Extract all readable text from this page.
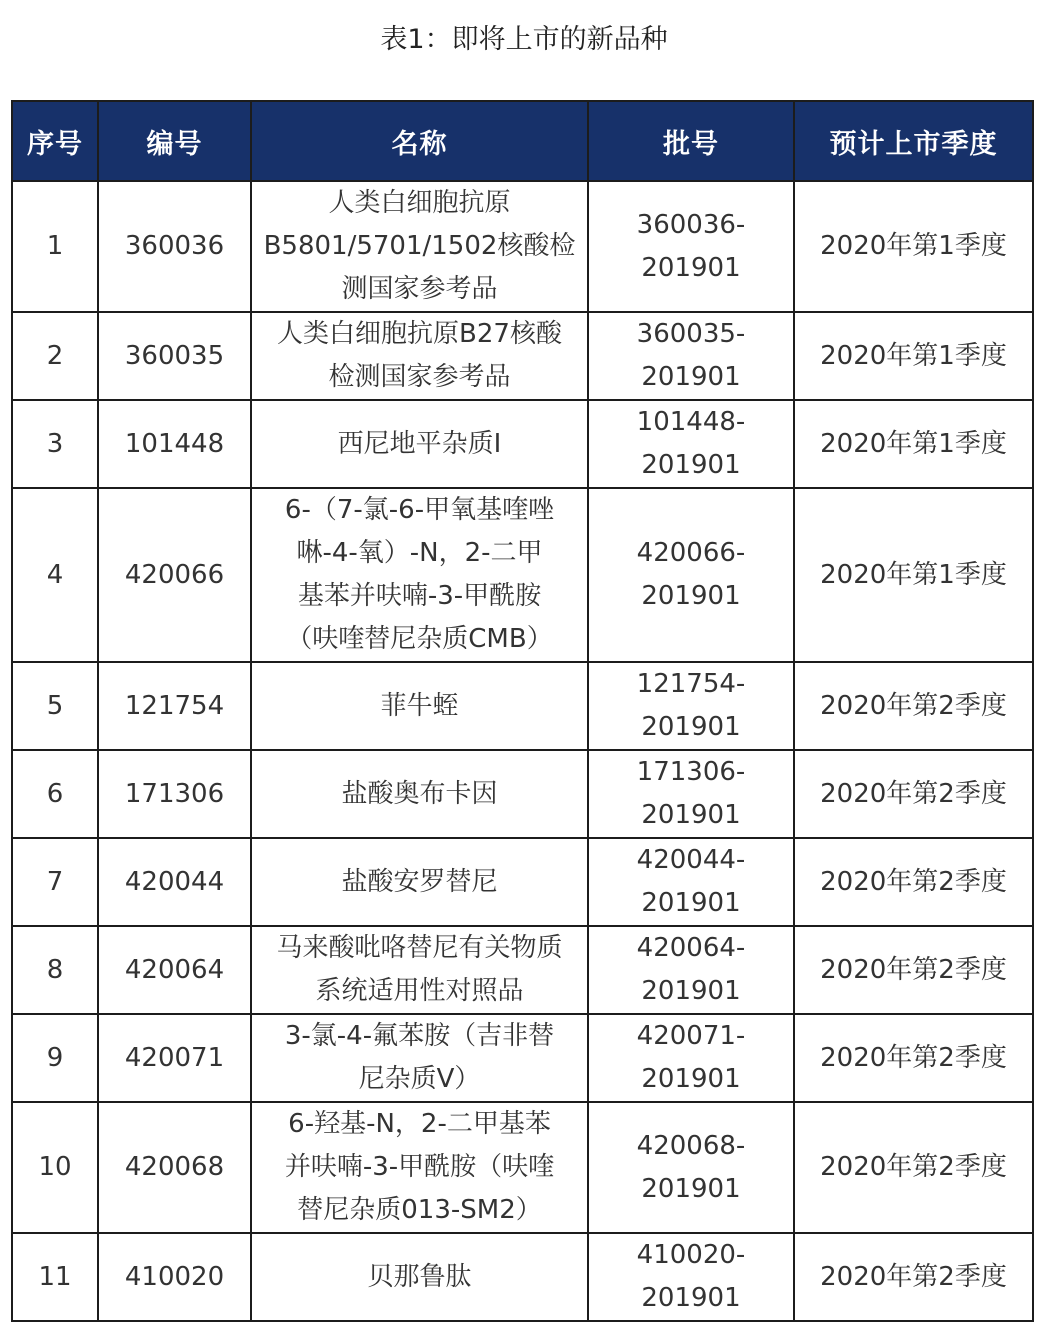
表1：即将上市的新品种
序号	编号	名称	批号	预计上市季度
1	360036	人类白细胞抗原
B5801/5701/1502核酸检
测国家参考品	360036-
201901	2020年第1季度
2	360035	人类白细胞抗原B27核酸
检测国家参考品	360035-
201901	2020年第1季度
3	101448	西尼地平杂质I	101448-
201901	2020年第1季度
4	420066	6-（7-氯-6-甲氧基喹唑
啉-4-氧）-N，2-二甲
基苯并呋喃-3-甲酰胺
（呋喹替尼杂质CMB）	420066-
201901	2020年第1季度
5	121754	菲牛蛭	121754-
201901	2020年第2季度
6	171306	盐酸奥布卡因	171306-
201901	2020年第2季度
7	420044	盐酸安罗替尼	420044-
201901	2020年第2季度
8	420064	马来酸吡咯替尼有关物质
系统适用性对照品	420064-
201901	2020年第2季度
9	420071	3-氯-4-氟苯胺（吉非替
尼杂质V）	420071-
201901	2020年第2季度
10	420068	6-羟基-N，2-二甲基苯
并呋喃-3-甲酰胺（呋喹
替尼杂质013-SM2）	420068-
201901	2020年第2季度
11	410020	贝那鲁肽	410020-
201901	2020年第2季度
